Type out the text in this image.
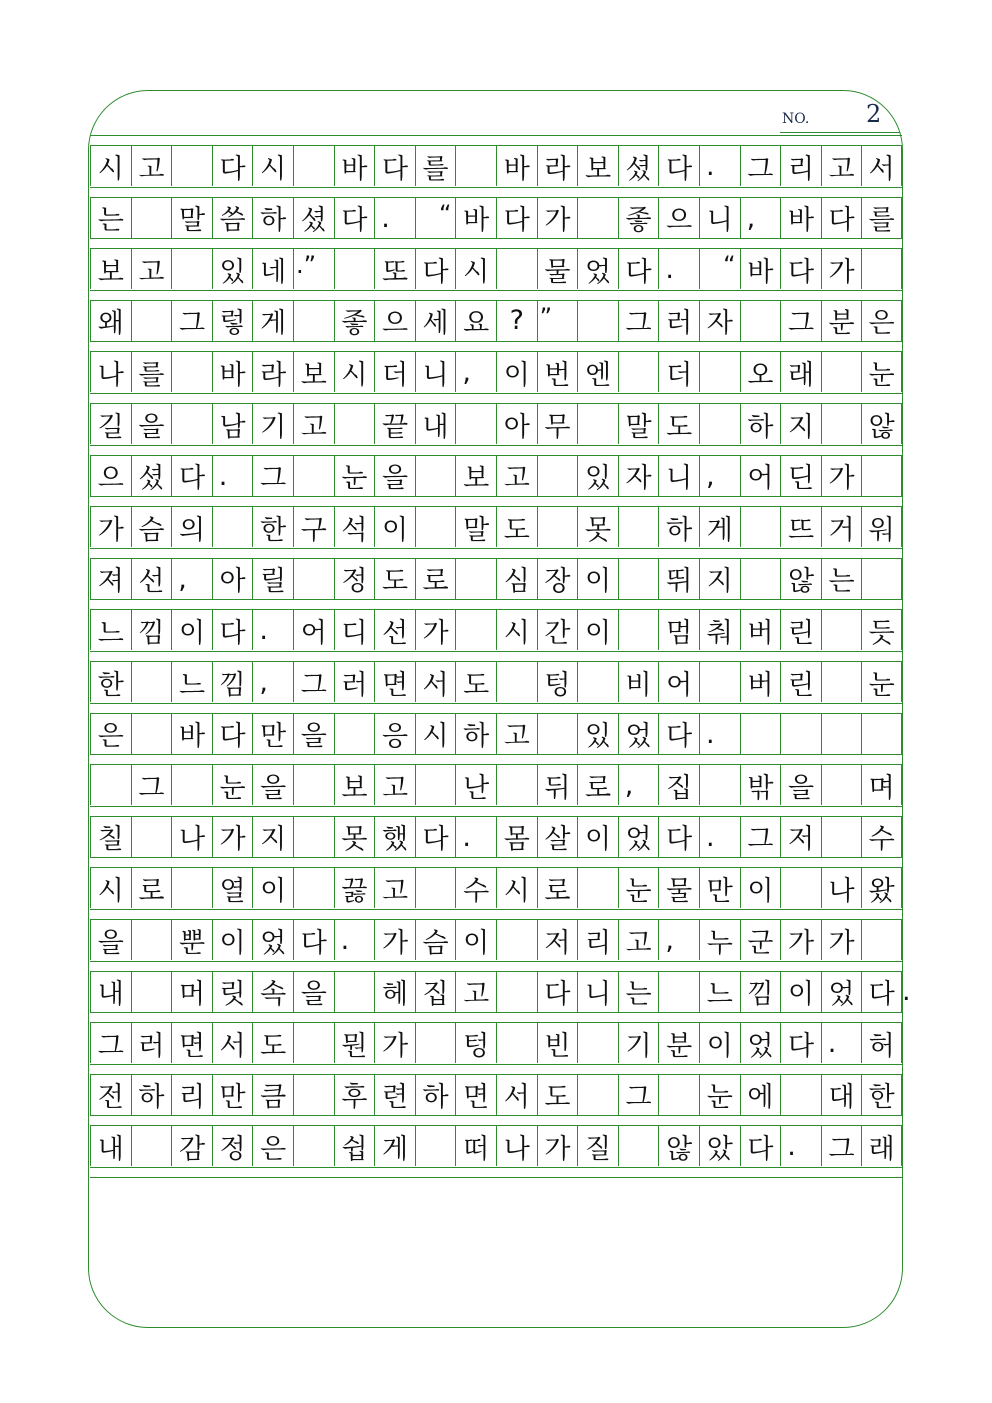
NO. 2
시 고 다 시 바 다 를 바 라 보 셨 다 .	그 리 고 서
는 말 씀 하 셨 다 .	“ 바 다 가 좋 으 니 ,	바 다 를
보 고 있 네 .”	또 다 시 물 었 다 .	“ 바 다 가
왜 그 렇 게 좋 으 세 요 ? ”	그 러 자 그 분 은
나 를 바 라 보 시 더 니 ,	이 번 엔 더 오 래 눈
길 을 남 기 고 끝 내 아 무 말 도 하 지 않
으 셨 다 .	그 눈 을 보 고 있 자 니 ,	어 딘 가
가 슴 의 한 구 석 이 말 도 못 하 게 뜨 거 워
져 선 ,	아 릴 정 도 로 심 장 이 뛰 지 않 는
느 낌 이 다 .	어 디 선 가 시 간 이 멈 춰 버 린 듯
한 느 낌 ,	그 러 면 서 도 텅 비 어 버 린 눈
은 바 다 만 을 응 시 하 고 있 었 다 .
그 눈 을 보 고 난 뒤 로 ,	집 밖 을 며
칠 나 가 지 못 했 다 .	몸 살 이 었 다 .	그 저 수
시 로 열 이 끓 고 수 시 로 눈 물 만 이 나 왔
을 뿐 이 었 다 .	가 슴 이 저 리 고 ,	누 군 가 가
내 머 릿 속 을 헤 집 고 다 니 는 느 낌 이 었 다
그 러 면 서 도 뭔 가 텅 빈 기 분 이 었 다 .	허
전 하 리 만 큼 후 련 하 면 서 도 그 눈 에 대 한
내 감 정 은 쉽 게 떠 나 가 질 않 았 다 .	그 래
.
